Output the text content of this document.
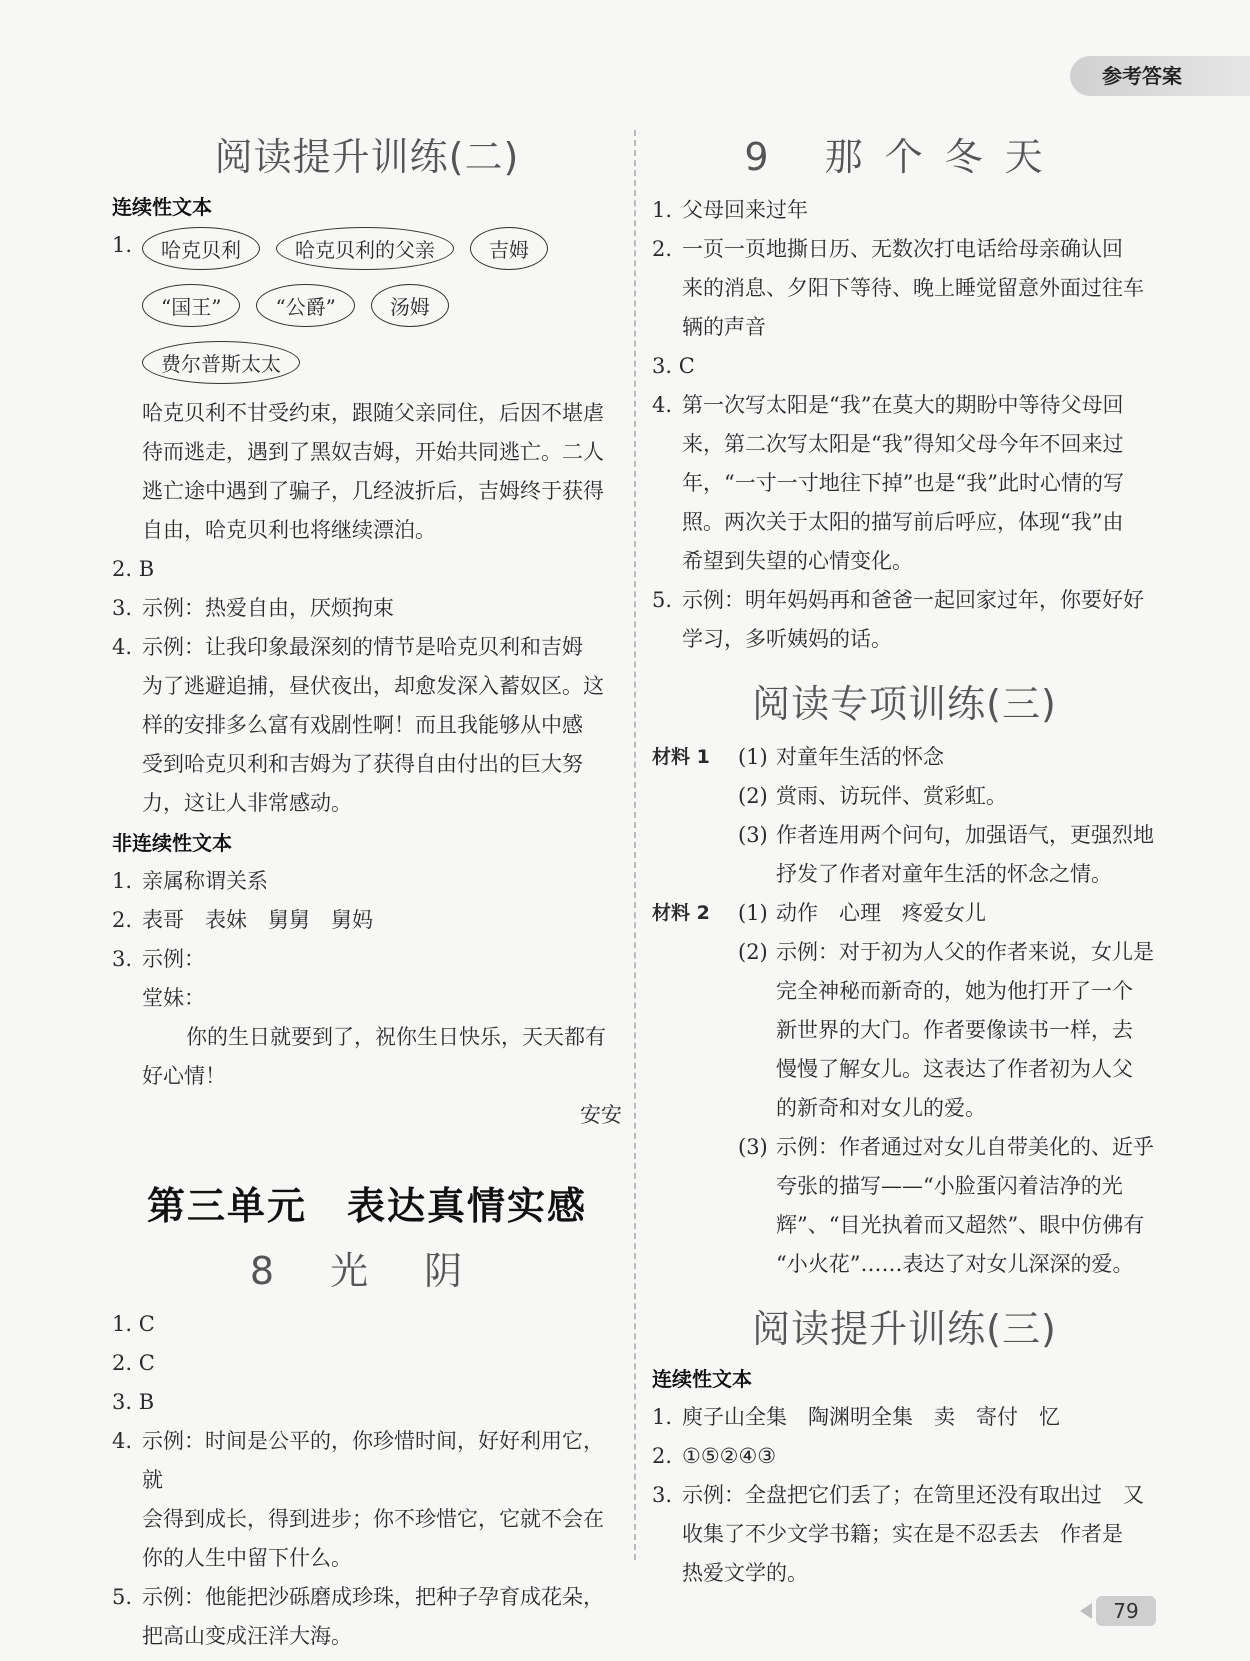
参考答案
阅读提升训练(二)
连续性文本
1.	哈克贝利	哈克贝利的父亲	吉姆
“国王”	“公爵”	汤姆
费尔普斯太太
哈克贝利不甘受约束，跟随父亲同住，后因不堪虐
待而逃走，遇到了黑奴吉姆，开始共同逃亡。二人
逃亡途中遇到了骗子，几经波折后，吉姆终于获得
自由，哈克贝利也将继续漂泊。
2. B
3. 示例：热爱自由，厌烦拘束
4. 示例：让我印象最深刻的情节是哈克贝利和吉姆
为了逃避追捕，昼伏夜出，却愈发深入蓄奴区。这
样的安排多么富有戏剧性啊！而且我能够从中感
受到哈克贝利和吉姆为了获得自由付出的巨大努
力，这让人非常感动。
非连续性文本
1. 亲属称谓关系
2. 表哥　表妹　舅舅　舅妈
3. 示例：
堂妹：
你的生日就要到了，祝你生日快乐，天天都有
好心情！
安安
第三单元　表达真情实感
8 光 阴
1. C
2. C
3. B
4. 示例：时间是公平的，你珍惜时间，好好利用它，就
会得到成长，得到进步；你不珍惜它，它就不会在
你的人生中留下什么。
5. 示例：他能把沙砾磨成珍珠，把种子孕育成花朵，
把高山变成汪洋大海。
9 那个冬天
1. 父母回来过年
2. 一页一页地撕日历、无数次打电话给母亲确认回
来的消息、夕阳下等待、晚上睡觉留意外面过往车
辆的声音
3. C
4. 第一次写太阳是“我”在莫大的期盼中等待父母回
来，第二次写太阳是“我”得知父母今年不回来过
年，“一寸一寸地往下掉”也是“我”此时心情的写
照。两次关于太阳的描写前后呼应，体现“我”由
希望到失望的心情变化。
5. 示例：明年妈妈再和爸爸一起回家过年，你要好好
学习，多听姨妈的话。
阅读专项训练(三)
材料 1	(1) 对童年生活的怀念
(2) 赏雨、访玩伴、赏彩虹。
(3) 作者连用两个问句，加强语气，更强烈地
抒发了作者对童年生活的怀念之情。
材料 2	(1) 动作　心理　疼爱女儿
(2) 示例：对于初为人父的作者来说，女儿是
完全神秘而新奇的，她为他打开了一个
新世界的大门。作者要像读书一样，去
慢慢了解女儿。这表达了作者初为人父
的新奇和对女儿的爱。
(3) 示例：作者通过对女儿自带美化的、近乎
夸张的描写——“小脸蛋闪着洁净的光
辉”、“目光执着而又超然”、眼中仿佛有
“小火花”……表达了对女儿深深的爱。
阅读提升训练(三)
连续性文本
1. 庾子山全集　陶渊明全集　卖　寄付　忆
2. ①⑤②④③
3. 示例：全盘把它们丢了；在笥里还没有取出过　又
收集了不少文学书籍；实在是不忍丢去　作者是
热爱文学的。
79
